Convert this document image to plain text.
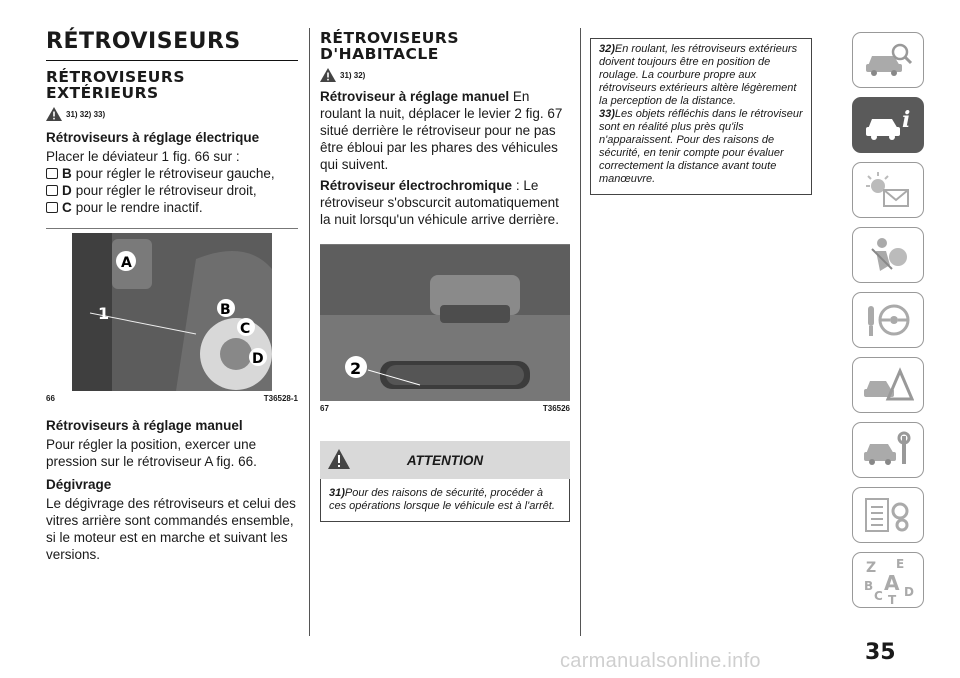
RÉTROVISEURS
RÉTROVISEURS
EXTÉRIEURS
31) 32) 33)
Rétroviseurs à réglage électrique

Placer le déviateur 1 fig. 66 sur :

B pour régler le rétroviseur gauche,
D pour régler le rétroviseur droit,
C pour le rendre inactif.
A
1	B
C
D
66	T36528-1
Rétroviseurs à réglage manuel

Pour régler la position, exercer une pression sur le rétroviseur A fig. 66.

Dégivrage

Le dégivrage des rétroviseurs et celui des vitres arrière sont commandés ensemble, si le moteur est en marche et suivant les versions.

RÉTROVISEURS
D'HABITACLE
31) 32)

Rétroviseur à réglage manuel En roulant la nuit, déplacer le levier 2 fig. 67 situé derrière le rétroviseur pour ne pas être ébloui par les phares des véhicules qui suivent.

Rétroviseur électrochromique : Le rétroviseur s'obscurcit automatiquement la nuit lorsqu'un véhicule arrive derrière.

2
67	T36526
ATTENTION

31)Pour des raisons de sécurité, procéder à ces opérations lorsque le véhicule est à l'arrêt.

32)En roulant, les rétroviseurs extérieurs doivent toujours être en position de roulage. La courbure propre aux rétroviseurs extérieurs altère légèrement la perception de la distance.

33)Les objets réfléchis dans le rétroviseur sont en réalité plus près qu'ils n'apparaissent. Pour des raisons de sécurité, en tenir compte pour évaluer correctement la distance avant toute manœuvre.

i
Z E
B A
C T
D
35
carmanualsonline.info
